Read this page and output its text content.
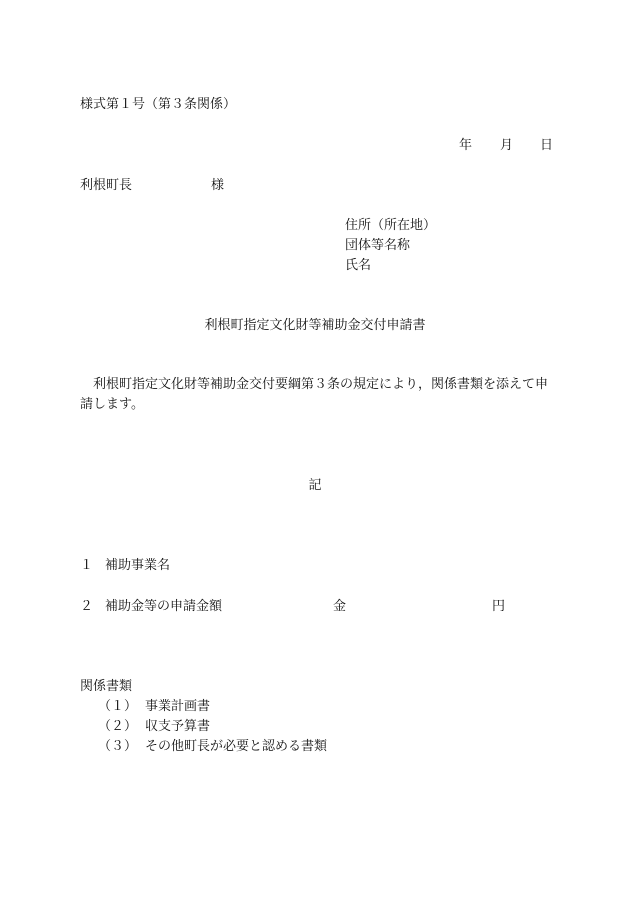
様式第１号（第３条関係）
年 月 日
利根町長	様
住所（所在地）
団体等名称
氏名
利根町指定文化財等補助金交付申請書
利根町指定文化財等補助金交付要綱第３条の規定により，関係書類を添えて申請します。
記
１ 補助事業名
２ 補助金等の申請金額	金	円
関係書類
（１） 事業計画書
（２） 収支予算書
（３） その他町長が必要と認める書類
